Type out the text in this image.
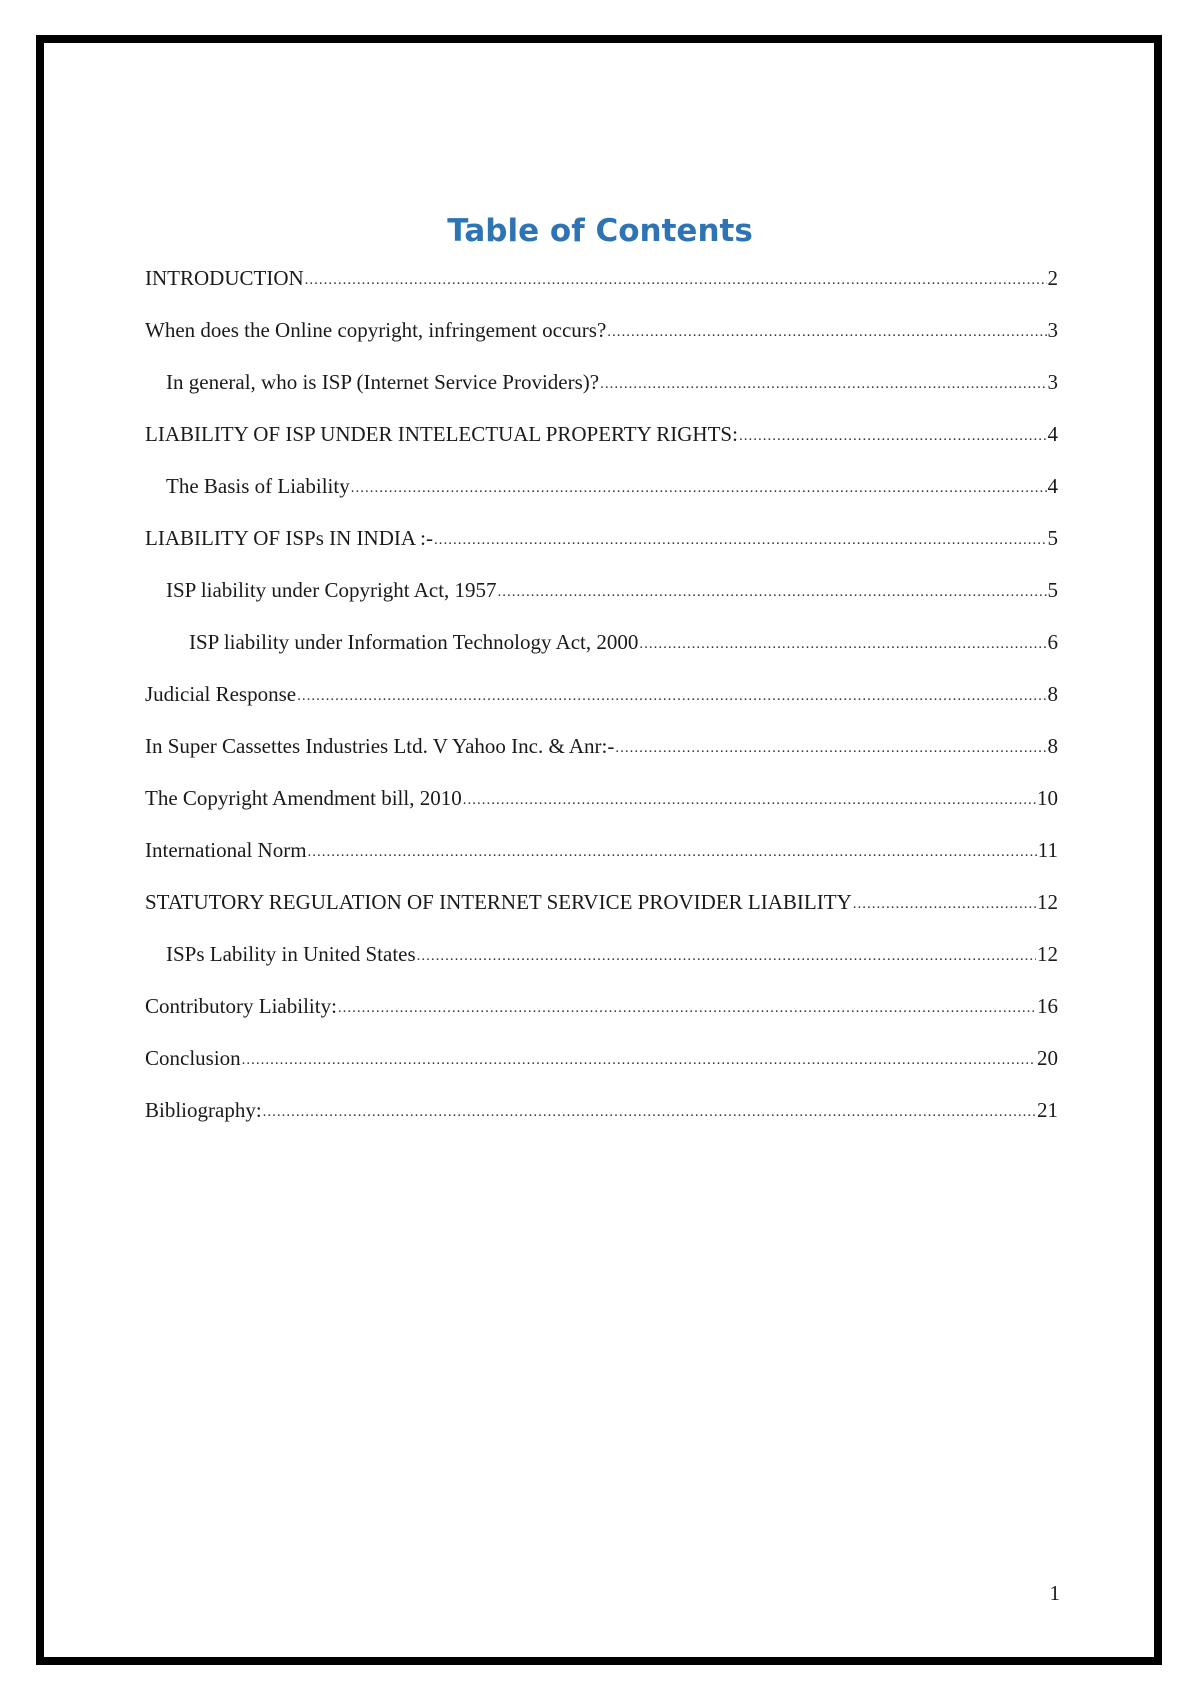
Table of Contents
INTRODUCTION .....	2
When does the Online copyright, infringement occurs? .....	3
In general, who is ISP (Internet Service Providers)? .....	3
LIABILITY OF ISP UNDER INTELECTUAL PROPERTY RIGHTS: .....	4
The Basis of Liability .....	4
LIABILITY OF ISPs IN INDIA :- .....	5
ISP liability under Copyright Act, 1957 .....	5
ISP liability under Information Technology Act, 2000 .....	6
Judicial Response .....	8
In Super Cassettes Industries Ltd. V Yahoo Inc. & Anr:- .....	8
The Copyright Amendment bill, 2010 .....	10
International Norm .....	11
STATUTORY REGULATION OF INTERNET SERVICE PROVIDER LIABILITY .....	12
ISPs Lability in United States .....	12
Contributory Liability: .....	16
Conclusion .....	20
Bibliography: .....	21
1
